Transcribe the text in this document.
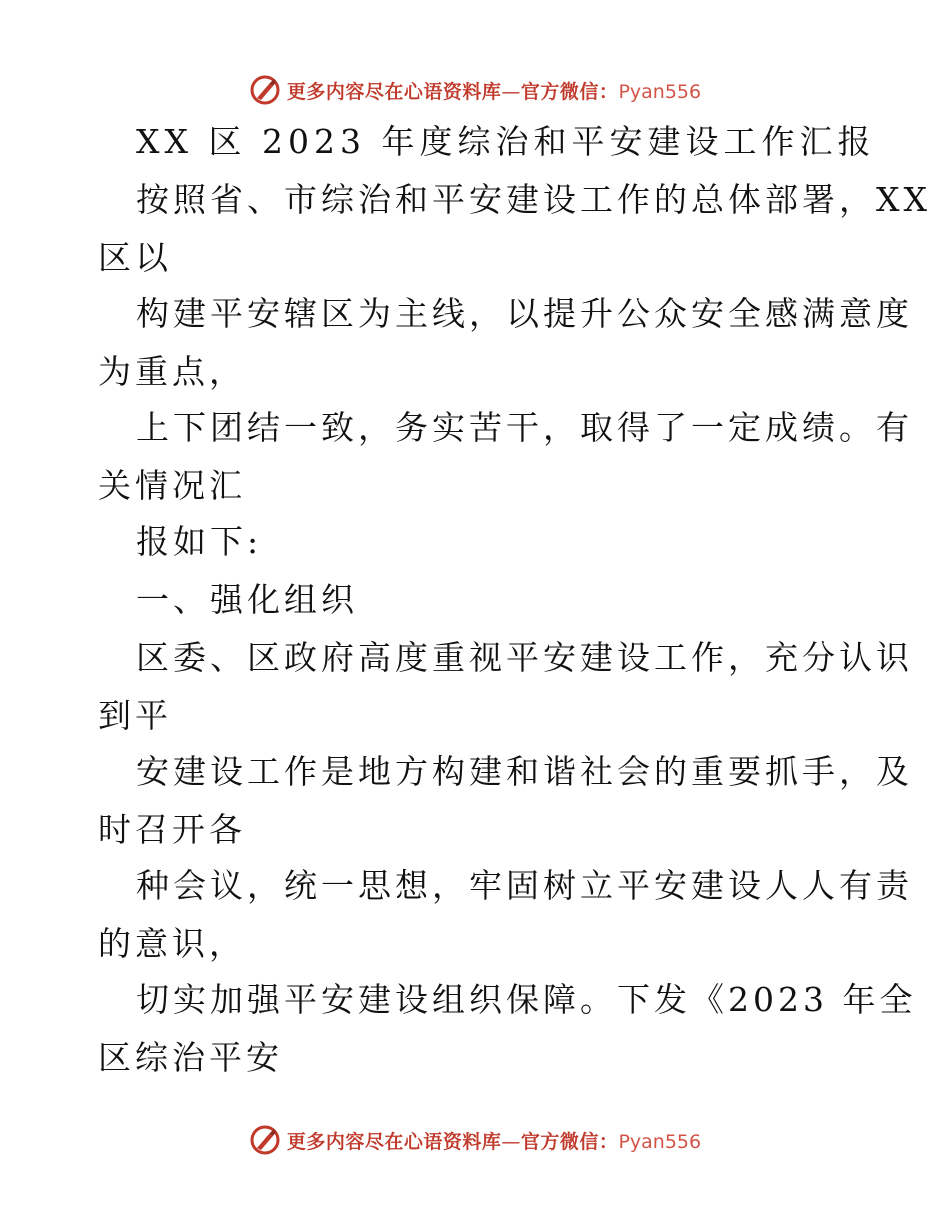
更多内容尽在心语资料库—官方微信：Pyan556
XX 区 2023 年度综治和平安建设工作汇报
按照省、市综治和平安建设工作的总体部署，XX
区以
构建平安辖区为主线，以提升公众安全感满意度
为重点，
上下团结一致，务实苦干，取得了一定成绩。有
关情况汇
报如下:
一、强化组织
区委、区政府高度重视平安建设工作，充分认识
到平
安建设工作是地方构建和谐社会的重要抓手，及
时召开各
种会议，统一思想，牢固树立平安建设人人有责
的意识，
切实加强平安建设组织保障。下发《2023 年全
区综治平安
更多内容尽在心语资料库—官方微信：Pyan556
